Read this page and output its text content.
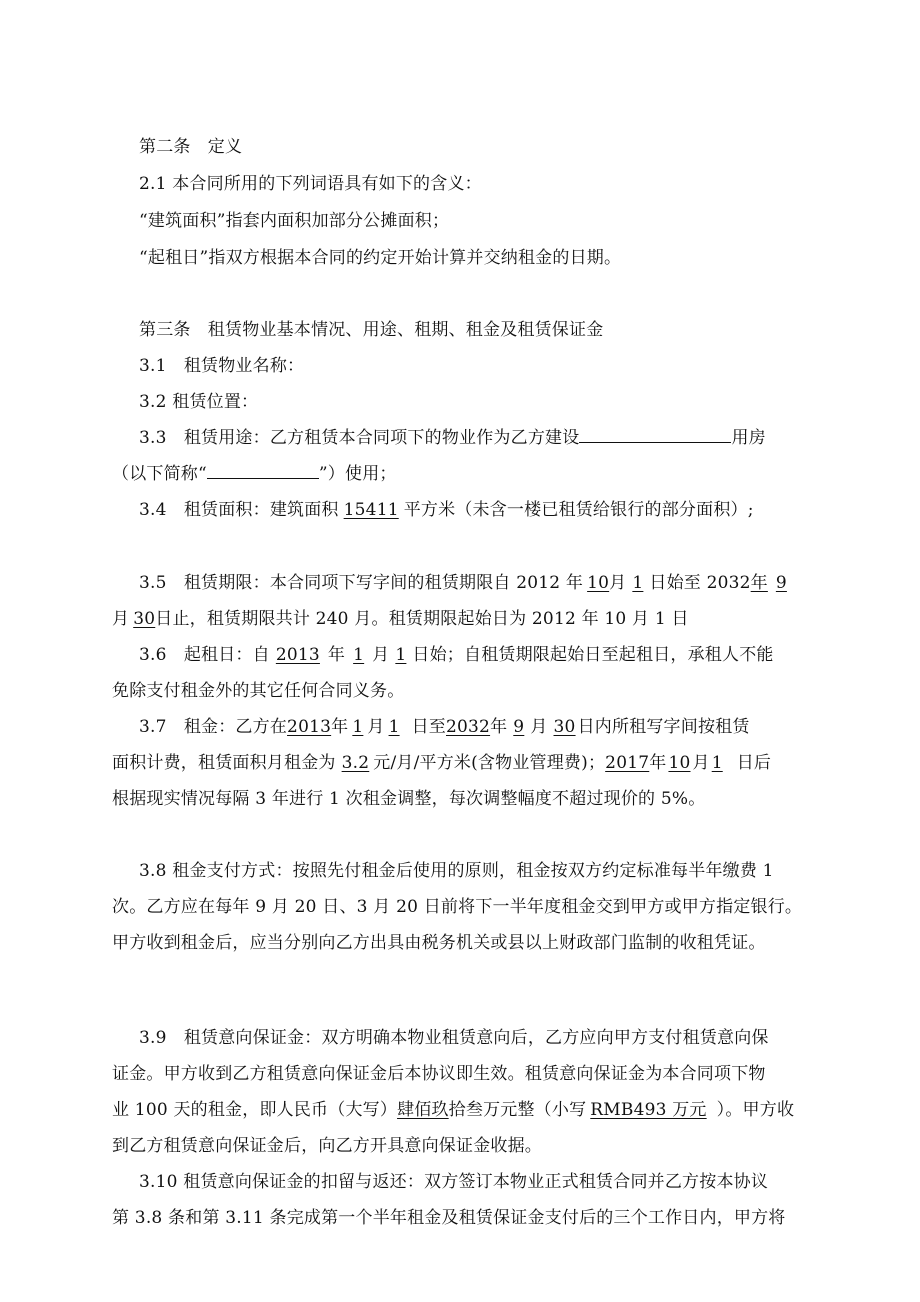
第二条　定义
2.1 本合同所用的下列词语具有如下的含义：
“建筑面积”指套内面积加部分公摊面积；
“起租日”指双方根据本合同的约定开始计算并交纳租金的日期。
第三条　租赁物业基本情况、用途、租期、租金及租赁保证金
3.1　租赁物业名称：
3.2 租赁位置：
3.3　租赁用途：乙方租赁本合同项下的物业作为乙方建设	用房
（以下简称“	”）使用；
3.4　租赁面积：建筑面积 15411 平方米（未含一楼已租赁给银行的部分面积）;
3.5　租赁期限：本合同项下写字间的租赁期限自 2012 年 10月 1 日始至 2032年 9
月 30日止，租赁期限共计 240 月。租赁期限起始日为 2012 年 10 月 1 日
3.6　起租日：自 2013 年 1 月 1 日始；自租赁期限起始日至起租日，承租人不能
免除支付租金外的其它任何合同义务。
3.7　租金：乙方在2013年 1 月 1 日至2032年 9 月 30 日内所租写字间按租赁
面积计费，租赁面积月租金为 3.2 元/月/平方米(含物业管理费)；2017年 10 月 1 日后
根据现实情况每隔 3 年进行 1 次租金调整，每次调整幅度不超过现价的 5%。
3.8 租金支付方式：按照先付租金后使用的原则，租金按双方约定标准每半年缴费 1
次。乙方应在每年 9 月 20 日、3 月 20 日前将下一半年度租金交到甲方或甲方指定银行。
甲方收到租金后，应当分别向乙方出具由税务机关或县以上财政部门监制的收租凭证。
3.9　租赁意向保证金：双方明确本物业租赁意向后，乙方应向甲方支付租赁意向保
证金。甲方收到乙方租赁意向保证金后本协议即生效。租赁意向保证金为本合同项下物
业 100 天的租金，即人民币（大写）肆佰玖拾叁万元整（小写 RMB493 万元 ）。甲方收
到乙方租赁意向保证金后，向乙方开具意向保证金收据。
3.10 租赁意向保证金的扣留与返还：双方签订本物业正式租赁合同并乙方按本协议
第 3.8 条和第 3.11 条完成第一个半年租金及租赁保证金支付后的三个工作日内，甲方将
